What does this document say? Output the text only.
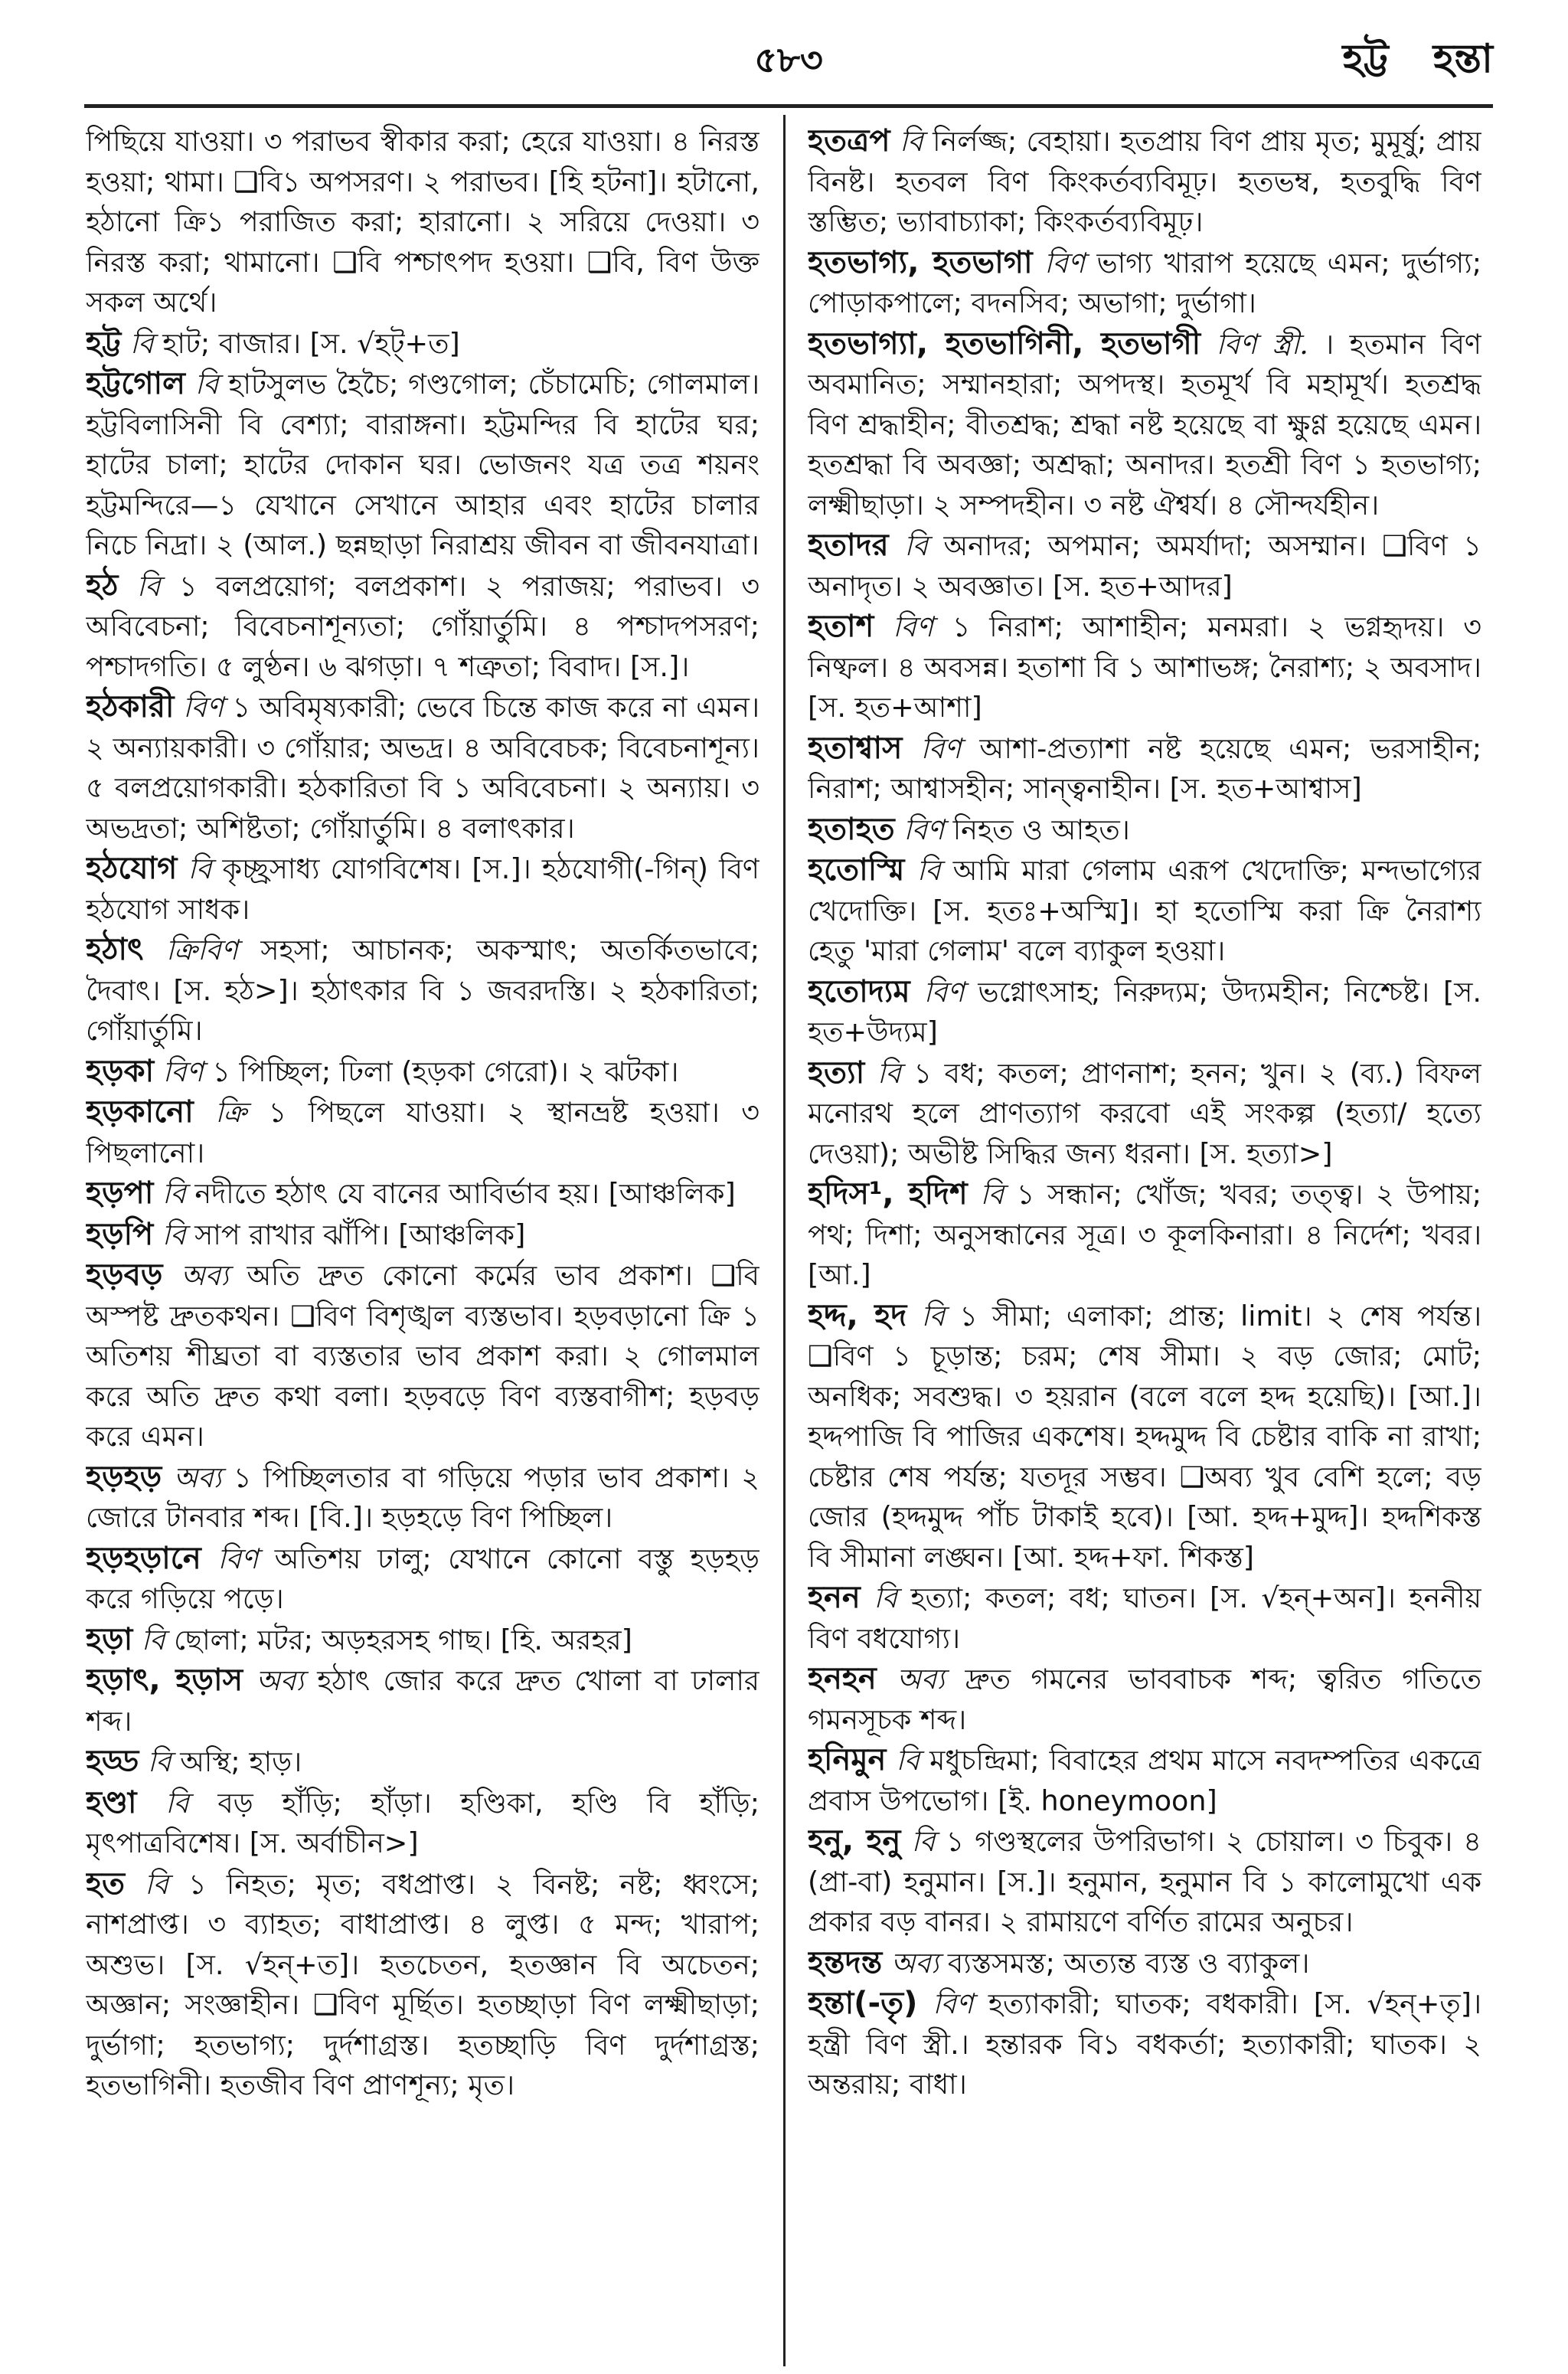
৫৮৩	হট্ট হন্তা

পিছিয়ে যাওয়া। ৩ পরাভব স্বীকার করা; হেরে যাওয়া। ৪ নিরস্ত হওয়া; থামা। ❑বি১ অপসরণ। ২ পরাভব। [হি হটনা]। হটানো, হঠানো ক্রি১ পরাজিত করা; হারানো। ২ সরিয়ে দেওয়া। ৩ নিরস্ত করা; থামানো। ❑বি পশ্চাৎপদ হওয়া। ❑বি, বিণ উক্ত সকল অর্থে।

হট্ট বি হাট; বাজার। [স. √হট্+ত]

হট্টগোল বি হাটসুলভ হৈচৈ; গণ্ডগোল; চেঁচামেচি; গোলমাল। হট্টবিলাসিনী বি বেশ্যা; বারাঙ্গনা। হট্টমন্দির বি হাটের ঘর; হাটের চালা; হাটের দোকান ঘর। ভোজনং যত্র তত্র শয়নং হট্টমন্দিরে—১ যেখানে সেখানে আহার এবং হাটের চালার নিচে নিদ্রা। ২ (আল.) ছন্নছাড়া নিরাশ্রয় জীবন বা জীবনযাত্রা।

হঠ বি ১ বলপ্রয়োগ; বলপ্রকাশ। ২ পরাজয়; পরাভব। ৩ অবিবেচনা; বিবেচনাশূন্যতা; গোঁয়ার্তুমি। ৪ পশ্চাদপসরণ; পশ্চাদগতি। ৫ লুণ্ঠন। ৬ ঝগড়া। ৭ শত্রুতা; বিবাদ। [স.]।

হঠকারী বিণ ১ অবিমৃষ্যকারী; ভেবে চিন্তে কাজ করে না এমন। ২ অন্যায়কারী। ৩ গোঁয়ার; অভদ্র। ৪ অবিবেচক; বিবেচনাশূন্য। ৫ বলপ্রয়োগকারী। হঠকারিতা বি ১ অবিবেচনা। ২ অন্যায়। ৩ অভদ্রতা; অশিষ্টতা; গোঁয়ার্তুমি। ৪ বলাৎকার।

হঠযোগ বি কৃচ্ছ্রসাধ্য যোগবিশেষ। [স.]। হঠযোগী(-গিন্) বিণ হঠযোগ সাধক।

হঠাৎ ক্রিবিণ সহসা; আচানক; অকস্মাৎ; অতর্কিতভাবে; দৈবাৎ। [স. হঠ>]। হঠাৎকার বি ১ জবরদস্তি। ২ হঠকারিতা; গোঁয়ার্তুমি।

হড়কা বিণ ১ পিচ্ছিল; ঢিলা (হড়কা গেরো)। ২ ঝটকা।

হড়কানো ক্রি ১ পিছলে যাওয়া। ২ স্থানভ্রষ্ট হওয়া। ৩ পিছলানো।

হড়পা বি নদীতে হঠাৎ যে বানের আবির্ভাব হয়। [আঞ্চলিক]

হড়পি বি সাপ রাখার ঝাঁপি। [আঞ্চলিক]

হড়বড় অব্য অতি দ্রুত কোনো কর্মের ভাব প্রকাশ। ❑বি অস্পষ্ট দ্রুতকথন। ❑বিণ বিশৃঙ্খল ব্যস্তভাব। হড়বড়ানো ক্রি ১ অতিশয় শীঘ্রতা বা ব্যস্ততার ভাব প্রকাশ করা। ২ গোলমাল করে অতি দ্রুত কথা বলা। হড়বড়ে বিণ ব্যস্তবাগীশ; হড়বড় করে এমন।

হড়হড় অব্য ১ পিচ্ছিলতার বা গড়িয়ে পড়ার ভাব প্রকাশ। ২ জোরে টানবার শব্দ। [বি.]। হড়হড়ে বিণ পিচ্ছিল।

হড়হড়ানে বিণ অতিশয় ঢালু; যেখানে কোনো বস্তু হড়হড় করে গড়িয়ে পড়ে।

হড়া বি ছোলা; মটর; অড়হরসহ গাছ। [হি. অরহর]

হড়াৎ, হড়াস অব্য হঠাৎ জোর করে দ্রুত খোলা বা ঢালার শব্দ।

হড্ড বি অস্থি; হাড়।

হণ্ডা বি বড় হাঁড়ি; হাঁড়া। হণ্ডিকা, হণ্ডি বি হাঁড়ি; মৃৎপাত্রবিশেষ। [স. অর্বাচীন>]

হত বি ১ নিহত; মৃত; বধপ্রাপ্ত। ২ বিনষ্ট; নষ্ট; ধ্বংসে; নাশপ্রাপ্ত। ৩ ব্যাহত; বাধাপ্রাপ্ত। ৪ লুপ্ত। ৫ মন্দ; খারাপ; অশুভ। [স. √হন্+ত]। হতচেতন, হতজ্ঞান বি অচেতন; অজ্ঞান; সংজ্ঞাহীন। ❑বিণ মূর্ছিত। হতচ্ছাড়া বিণ লক্ষ্মীছাড়া; দুর্ভাগা; হতভাগ্য; দুর্দশাগ্রস্ত। হতচ্ছাড়ি বিণ দুর্দশাগ্রস্ত; হতভাগিনী। হতজীব বিণ প্রাণশূন্য; মৃত।

হতত্রপ বি নির্লজ্জ; বেহায়া। হতপ্রায় বিণ প্রায় মৃত; মুমূর্ষু; প্রায় বিনষ্ট। হতবল বিণ কিংকর্তব্যবিমূঢ়। হতভম্ব, হতবুদ্ধি বিণ স্তম্ভিত; ভ্যাবাচ্যাকা; কিংকর্তব্যবিমূঢ়।

হতভাগ্য, হতভাগা বিণ ভাগ্য খারাপ হয়েছে এমন; দুর্ভাগ্য; পোড়াকপালে; বদনসিব; অভাগা; দুর্ভাগা।

হতভাগ্যা, হতভাগিনী, হতভাগী বিণ স্ত্রী. । হতমান বিণ অবমানিত; সম্মানহারা; অপদস্থ। হতমূর্খ বি মহামূর্খ। হতশ্রদ্ধ বিণ শ্রদ্ধাহীন; বীতশ্রদ্ধ; শ্রদ্ধা নষ্ট হয়েছে বা ক্ষুণ্ণ হয়েছে এমন। হতশ্রদ্ধা বি অবজ্ঞা; অশ্রদ্ধা; অনাদর। হতশ্রী বিণ ১ হতভাগ্য; লক্ষ্মীছাড়া। ২ সম্পদহীন। ৩ নষ্ট ঐশ্বর্য। ৪ সৌন্দর্যহীন।

হতাদর বি অনাদর; অপমান; অমর্যাদা; অসম্মান। ❑বিণ ১ অনাদৃত। ২ অবজ্ঞাত। [স. হত+আদর]

হতাশ বিণ ১ নিরাশ; আশাহীন; মনমরা। ২ ভগ্নহৃদয়। ৩ নিষ্ফল। ৪ অবসন্ন। হতাশা বি ১ আশাভঙ্গ; নৈরাশ্য; ২ অবসাদ। [স. হত+আশা]

হতাশ্বাস বিণ আশা-প্রত্যাশা নষ্ট হয়েছে এমন; ভরসাহীন; নিরাশ; আশ্বাসহীন; সান্ত্বনাহীন। [স. হত+আশ্বাস]

হতাহত বিণ নিহত ও আহত।

হতোস্মি বি আমি মারা গেলাম এরূপ খেদোক্তি; মন্দভাগ্যের খেদোক্তি। [স. হতঃ+অস্মি]। হা হতোস্মি করা ক্রি নৈরাশ্য হেতু 'মারা গেলাম' বলে ব্যাকুল হওয়া।

হতোদ্যম বিণ ভগ্নোৎসাহ; নিরুদ্যম; উদ্যমহীন; নিশ্চেষ্ট। [স. হত+উদ্যম]

হত্যা বি ১ বধ; কতল; প্রাণনাশ; হনন; খুন। ২ (ব্য.) বিফল মনোরথ হলে প্রাণত্যাগ করবো এই সংকল্প (হত্যা/ হত্যে দেওয়া); অভীষ্ট সিদ্ধির জন্য ধরনা। [স. হত্যা>]

হদিস¹, হদিশ বি ১ সন্ধান; খোঁজ; খবর; তত্ত্ব। ২ উপায়; পথ; দিশা; অনুসন্ধানের সূত্র। ৩ কূলকিনারা। ৪ নির্দেশ; খবর। [আ.]

হদ্দ, হদ বি ১ সীমা; এলাকা; প্রান্ত; limit। ২ শেষ পর্যন্ত। ❑বিণ ১ চূড়ান্ত; চরম; শেষ সীমা। ২ বড় জোর; মোট; অনধিক; সবশুদ্ধ। ৩ হয়রান (বলে বলে হদ্দ হয়েছি)। [আ.]। হদ্দপাজি বি পাজির একশেষ। হদ্দমুদ্দ বি চেষ্টার বাকি না রাখা; চেষ্টার শেষ পর্যন্ত; যতদূর সম্ভব। ❑অব্য খুব বেশি হলে; বড় জোর (হদ্দমুদ্দ পাঁচ টাকাই হবে)। [আ. হদ্দ+মুদ্দ]। হদ্দশিকস্ত বি সীমানা লঙ্ঘন। [আ. হদ্দ+ফা. শিকস্ত]

হনন বি হত্যা; কতল; বধ; ঘাতন। [স. √হন্+অন]। হননীয় বিণ বধযোগ্য।

হনহন অব্য দ্রুত গমনের ভাববাচক শব্দ; ত্বরিত গতিতে গমনসূচক শব্দ।

হনিমুন বি মধুচন্দ্রিমা; বিবাহের প্রথম মাসে নবদম্পতির একত্রে প্রবাস উপভোগ। [ই. honeymoon]

হনু, হনু বি ১ গণ্ডস্থলের উপরিভাগ। ২ চোয়াল। ৩ চিবুক। ৪ (প্রা-বা) হনুমান। [স.]। হনুমান, হনুমান বি ১ কালোমুখো এক প্রকার বড় বানর। ২ রামায়ণে বর্ণিত রামের অনুচর।

হন্তদন্ত অব্য ব্যস্তসমস্ত; অত্যন্ত ব্যস্ত ও ব্যাকুল।

হন্তা(-তৃ) বিণ হত্যাকারী; ঘাতক; বধকারী। [স. √হন্+তৃ]। হন্ত্রী বিণ স্ত্রী.। হন্তারক বি১ বধকর্তা; হত্যাকারী; ঘাতক। ২ অন্তরায়; বাধা।
